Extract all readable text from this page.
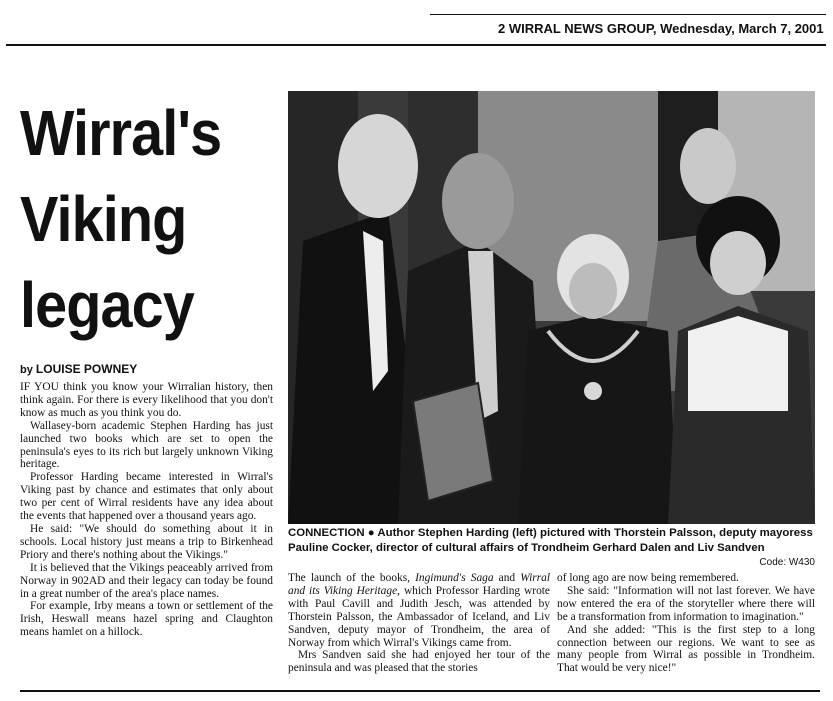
2 WIRRAL NEWS GROUP, Wednesday, March 7, 2001
Wirral's
Viking
legacy
by LOUISE POWNEY

IF YOU think you know your Wirralian history, then think again. For there is every likelihood that you don't know as much as you think you do.

Wallasey-born academic Stephen Harding has just launched two books which are set to open the peninsula's eyes to its rich but largely unknown Viking heritage.

Professor Harding became interested in Wirral's Viking past by chance and estimates that only about two per cent of Wirral residents have any idea about the events that happened over a thousand years ago.

He said: "We should do something about it in schools. Local history just means a trip to Birkenhead Priory and there's nothing about the Vikings."

It is believed that the Vikings peaceably arrived from Norway in 902AD and their legacy can today be found in a great number of the area's place names.

For example, Irby means a town or settlement of the Irish, Heswall means hazel spring and Claughton means hamlet on a hillock.

CONNECTION ● Author Stephen Harding (left) pictured with Thorstein Palsson, deputy mayoress Pauline Cocker, director of cultural affairs of Trondheim Gerhard Dalen and Liv Sandven
Code: W430

The launch of the books, Ingimund's Saga and Wirral and its Viking Heritage, which Professor Harding wrote with Paul Cavill and Judith Jesch, was attended by Thorstein Palsson, the Ambassador of Iceland, and Liv Sandven, deputy mayor of Trondheim, the area of Norway from which Wirral's Vikings came from.

Mrs Sandven said she had enjoyed her tour of the peninsula and was pleased that the stories

of long ago are now being remembered.

She said: "Information will not last forever. We have now entered the era of the storyteller where there will be a transformation from information to imagination."

And she added: "This is the first step to a long connection between our regions. We want to see as many people from Wirral as possible in Trondheim. That would be very nice!"
